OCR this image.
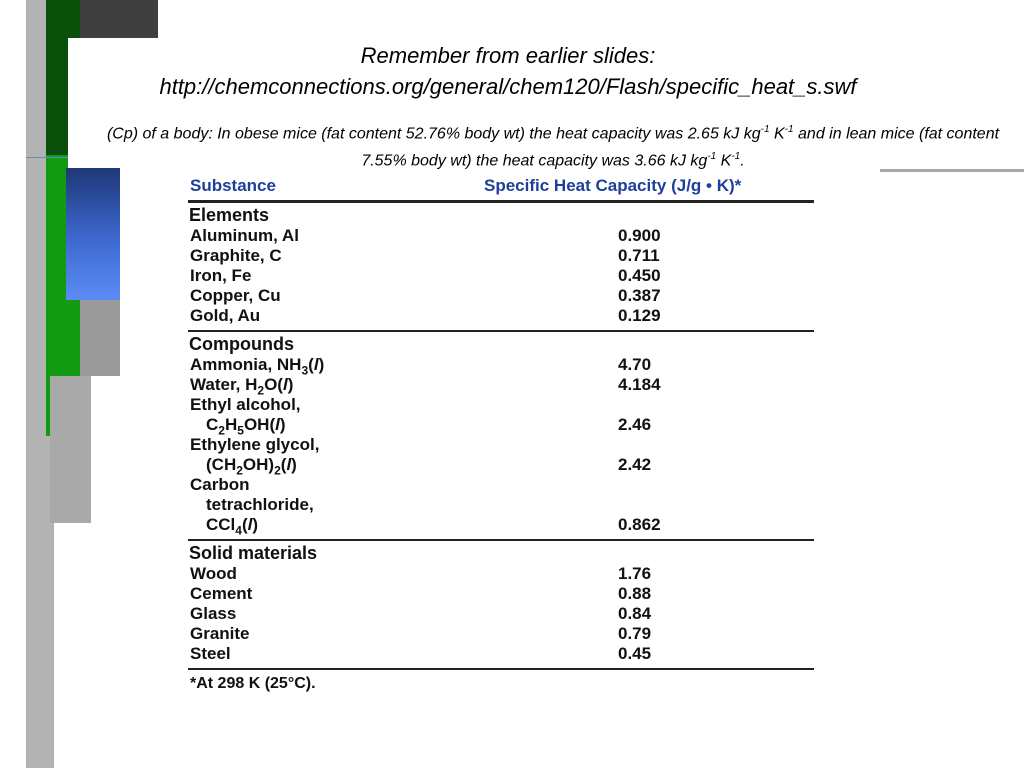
Remember from earlier slides:
http://chemconnections.org/general/chem120/Flash/specific_heat_s.swf
(Cp) of a body: In obese mice (fat content 52.76% body wt) the heat capacity was 2.65 kJ $kg^{-1}$ $K^{-1}$ and in lean mice (fat content 7.55% body wt) the heat capacity was 3.66 kJ $kg^{-1}$ $K^{-1}$.
Substance	Specific Heat Capacity (J/g • K)*
Elements
Aluminum, Al	0.900
Graphite, C	0.711
Iron, Fe	0.450
Copper, Cu	0.387
Gold, Au	0.129
Compounds
Ammonia, $NH_3(l)$	4.70
Water, $H_2O(l)$	4.184
Ethyl alcohol,
$C_2H_5OH(l)$	2.46
Ethylene glycol,
$(CH_2OH)_2(l)$	2.42
Carbon
tetrachloride,
CCl$_4$(l)	0.862
Solid materials
Wood	1.76
Cement	0.88
Glass	0.84
Granite	0.79
Steel	0.45
*At 298 K (25°C).
